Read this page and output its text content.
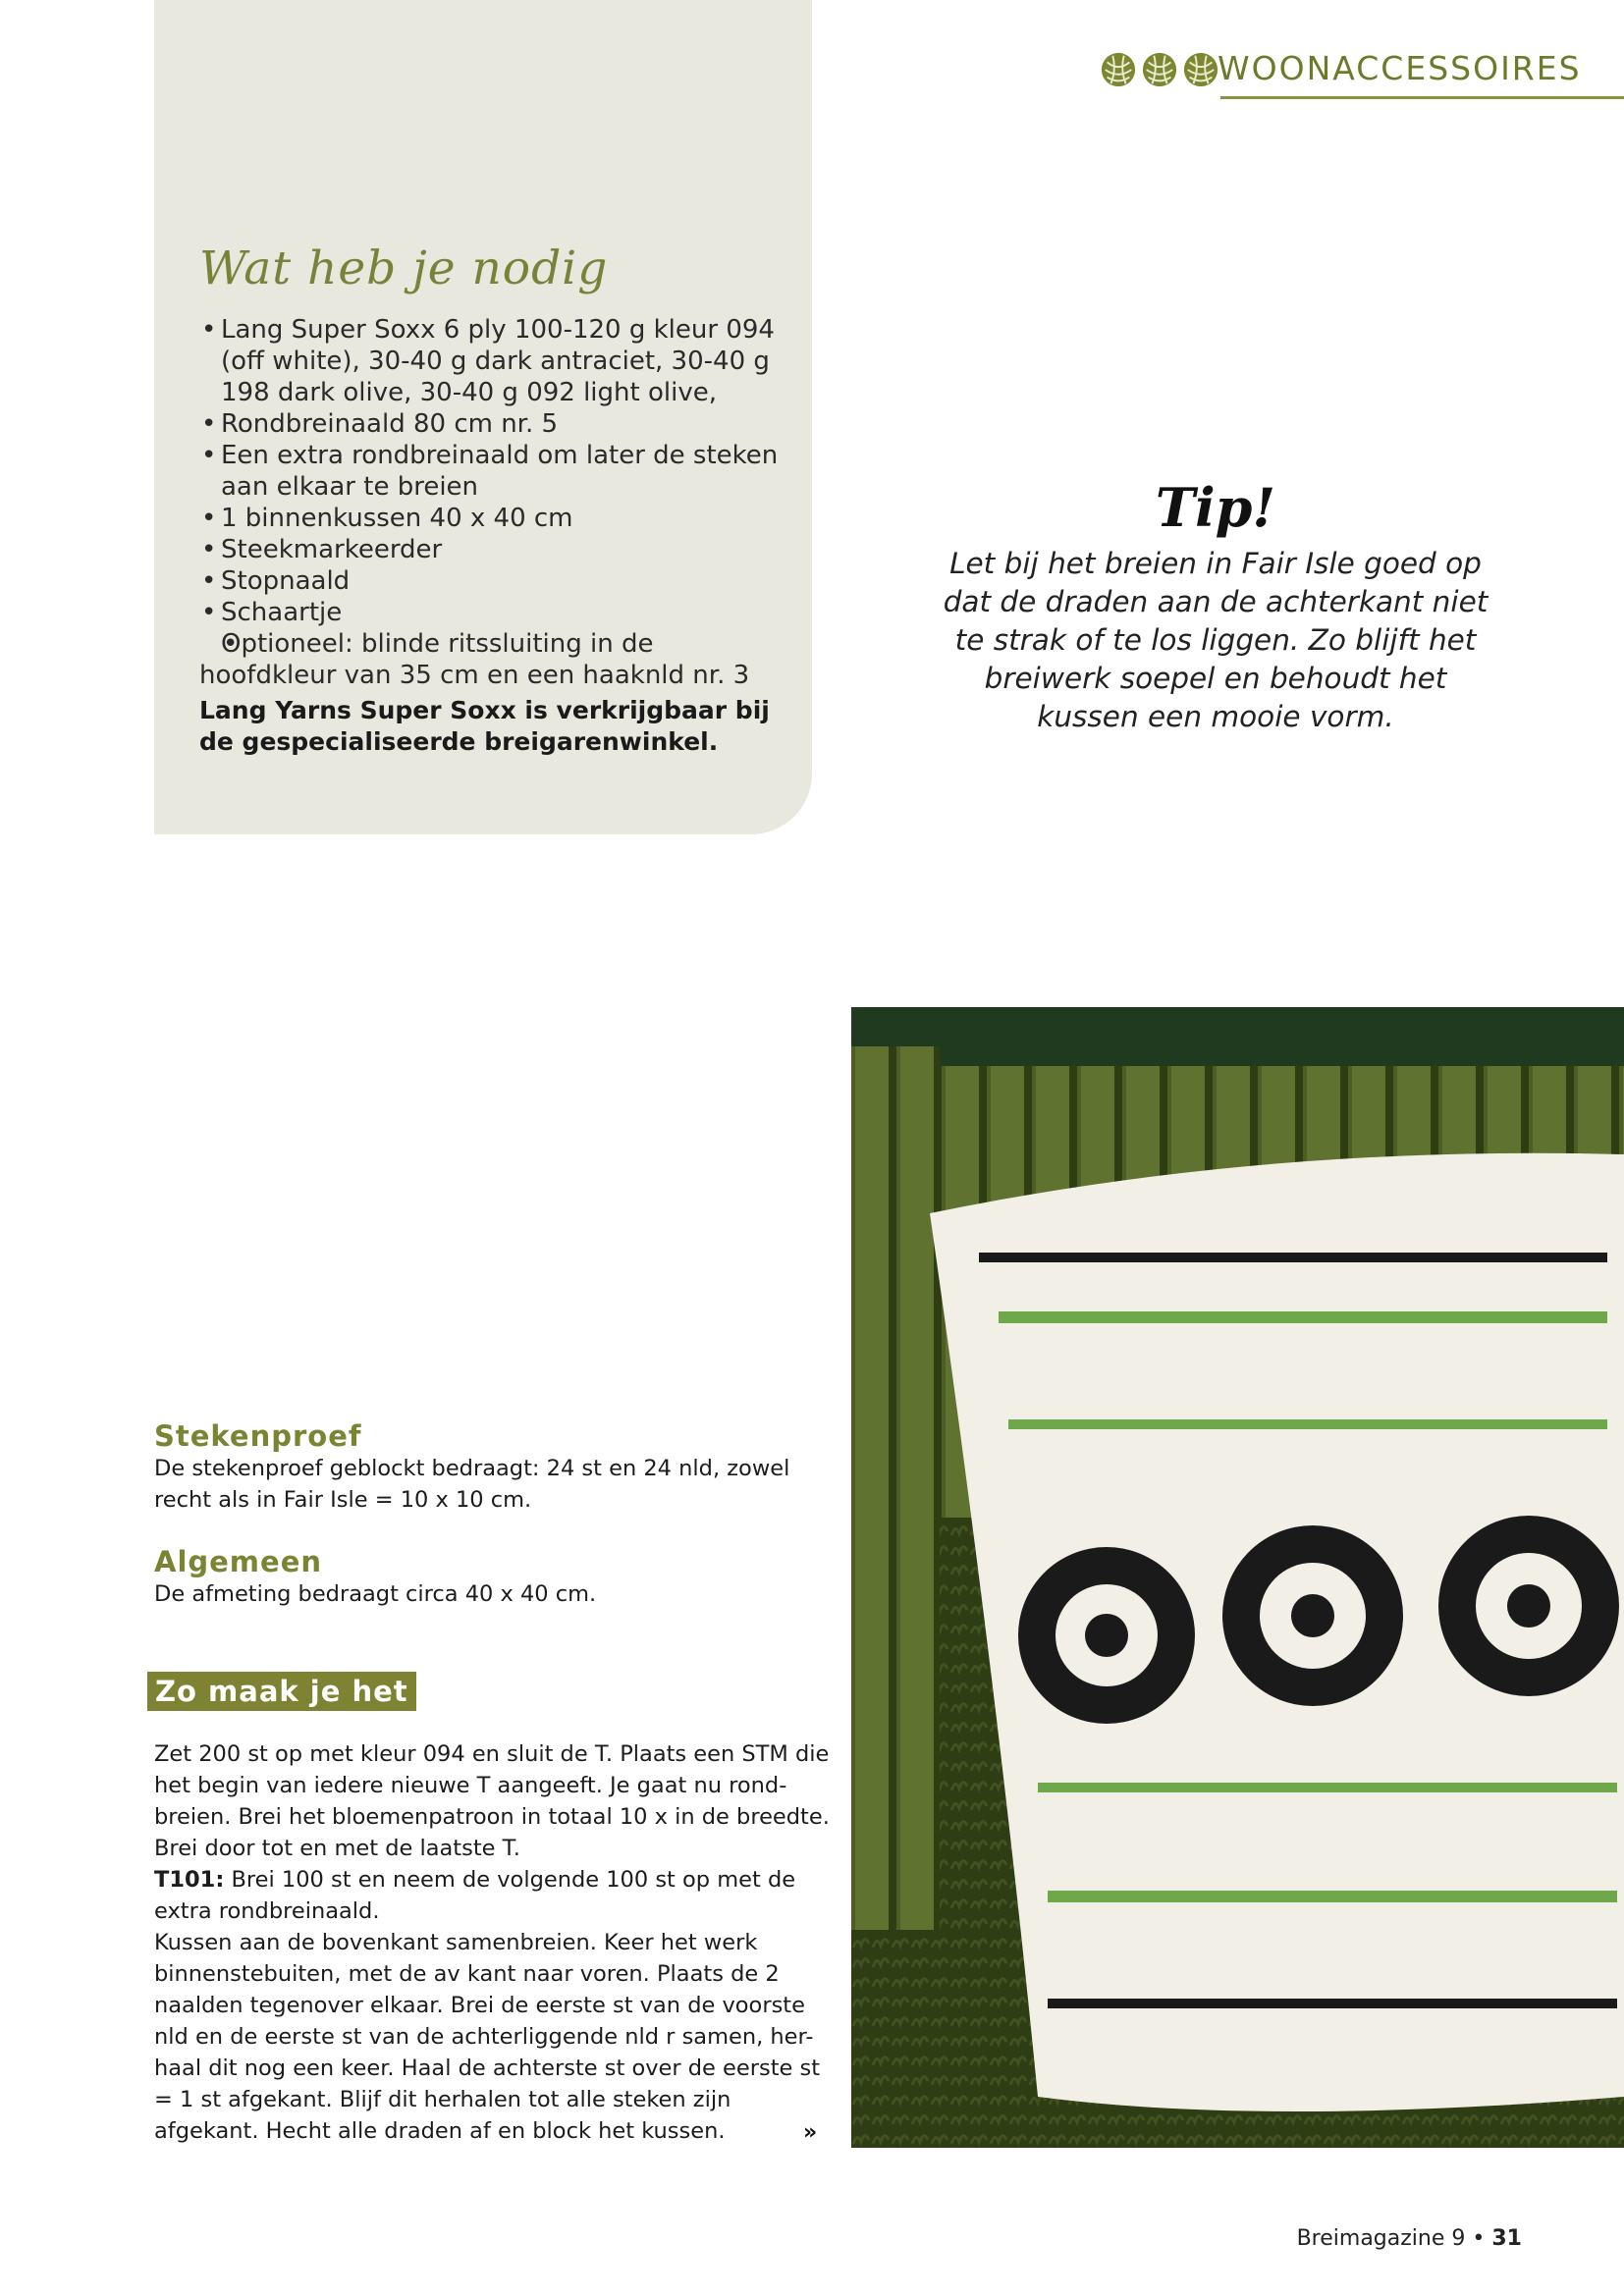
WOONACCESSOIRES
Wat heb je nodig
• Lang Super Soxx 6 ply 100-120 g kleur 094 (off white), 30-40 g dark antraciet, 30-40 g 198 dark olive, 30-40 g 092 light olive,
• Rondbreinaald 80 cm nr. 5
• Een extra rondbreinaald om later de steken aan elkaar te breien
• 1 binnenkussen 40 x 40 cm
• Steekmarkeerder
• Stopnaald
• Schaartje
• Optioneel: blinde ritssluiting in de hoofdkleur van 35 cm en een haaknld nr. 3
Lang Yarns Super Soxx is verkrijgbaar bij de gespecialiseerde breigarenwinkel.
Tip!
Let bij het breien in Fair Isle goed op dat de draden aan de achterkant niet te strak of te los liggen. Zo blijft het breiwerk soepel en behoudt het kussen een mooie vorm.
Stekenproef
De stekenproef geblockt bedraagt: 24 st en 24 nld, zowel recht als in Fair Isle = 10 x 10 cm.
Algemeen
De afmeting bedraagt circa 40 x 40 cm.
Zo maak je het

Zet 200 st op met kleur 094 en sluit de T. Plaats een STM die het begin van iedere nieuwe T aangeeft. Je gaat nu rond-breien. Brei het bloemenpatroon in totaal 10 x in de breedte. Brei door tot en met de laatste T.

T101: Brei 100 st en neem de volgende 100 st op met de extra rondbreinaald.

Kussen aan de bovenkant samenbreien. Keer het werk binnenstebuiten, met de av kant naar voren. Plaats de 2 naalden tegenover elkaar. Brei de eerste st van de voorste nld en de eerste st van de achterliggende nld r samen, her-haal dit nog een keer. Haal de achterste st over de eerste st = 1 st afgekant. Blijf dit herhalen tot alle steken zijn afgekant. Hecht alle draden af en block het kussen.	»
Breimagazine 9 • 31
